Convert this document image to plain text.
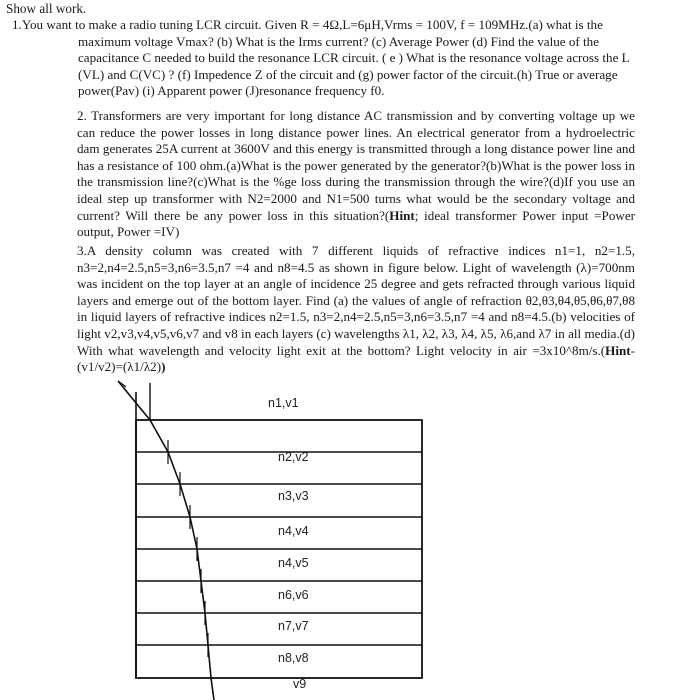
Show all work.
1.You want to make a radio tuning LCR circuit. Given R = 4Ω,L=6μH,Vrms = 100V, f = 109MHz.(a) what is the maximum voltage Vmax? (b) What is the Irms current? (c) Average Power (d) Find the value of the capacitance C needed to build the resonance LCR circuit. ( e ) What is the resonance voltage across the L (VL) and C(VC) ? (f) Impedence Z of the circuit and (g) power factor of the circuit.(h) True or average power(Pav) (i) Apparent power (J)resonance frequency f0.

2. Transformers are very important for long distance AC transmission and by converting voltage up we can reduce the power losses in long distance power lines. An electrical generator from a hydroelectric dam generates 25A current at 3600V and this energy is transmitted through a long distance power line and has a resistance of 100 ohm.(a)What is the power generated by the generator?(b)What is the power loss in the transmission line?(c)What is the %ge loss during the transmission through the wire?(d)If you use an ideal step up transformer with N2=2000 and N1=500 turns what would be the secondary voltage and current? Will there be any power loss in this situation?(Hint; ideal transformer Power input =Power output, Power =IV)

3.A density column was created with 7 different liquids of refractive indices n1=1, n2=1.5, n3=2,n4=2.5,n5=3,n6=3.5,n7 =4 and n8=4.5 as shown in figure below. Light of wavelength (λ)=700nm was incident on the top layer at an angle of incidence 25 degree and gets refracted through various liquid layers and emerge out of the bottom layer. Find (a) the values of angle of refraction θ2,θ3,θ4,θ5,θ6,θ7,θ8 in liquid layers of refractive indices n2=1.5, n3=2,n4=2.5,n5=3,n6=3.5,n7 =4 and n8=4.5.(b) velocities of light v2,v3,v4,v5,v6,v7 and v8 in each layers (c) wavelengths λ1, λ2, λ3, λ4, λ5, λ6,and λ7 in all media.(d) With what wavelength and velocity light exit at the bottom? Light velocity in air =3x10^8m/s.(Hint-(v1/v2)=(λ1/λ2))

n1,v1
n2,v2
n3,v3
n4,v4
n4,v5
n6,v6
n7,v7
n8,v8
v9
